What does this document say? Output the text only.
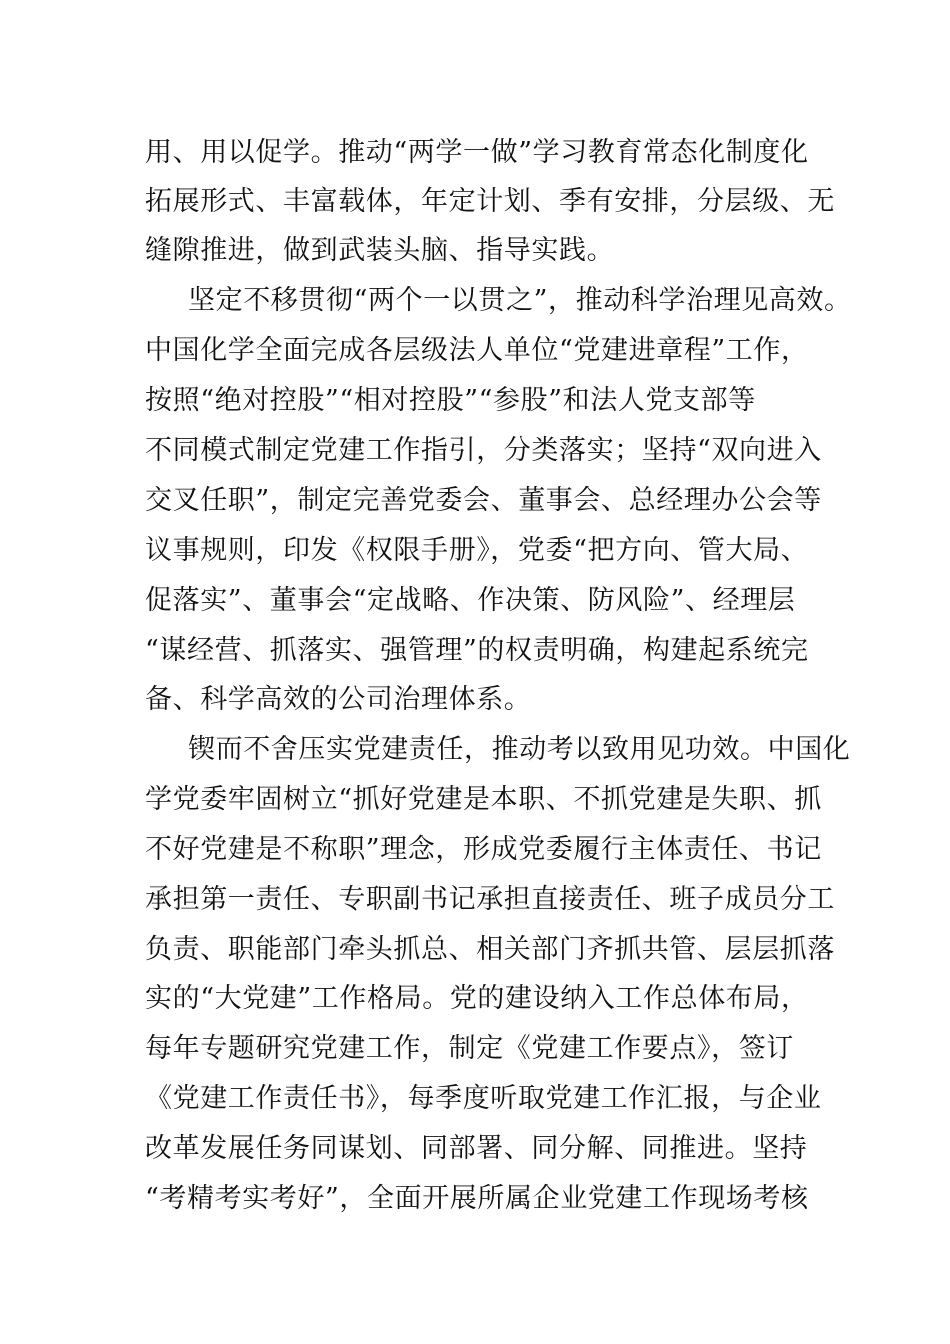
用、用以促学。推动“两学一做”学习教育常态化制度化
拓展形式、丰富载体，年定计划、季有安排，分层级、无
缝隙推进，做到武装头脑、指导实践。
坚定不移贯彻“两个一以贯之”，推动科学治理见高效。
中国化学全面完成各层级法人单位“党建进章程”工作，
按照“绝对控股”“相对控股”“参股”和法人党支部等
不同模式制定党建工作指引，分类落实；坚持“双向进入
交叉任职”，制定完善党委会、董事会、总经理办公会等
议事规则，印发《权限手册》，党委“把方向、管大局、
促落实”、董事会“定战略、作决策、防风险”、经理层
“谋经营、抓落实、强管理”的权责明确，构建起系统完
备、科学高效的公司治理体系。
锲而不舍压实党建责任，推动考以致用见功效。中国化
学党委牢固树立“抓好党建是本职、不抓党建是失职、抓
不好党建是不称职”理念，形成党委履行主体责任、书记
承担第一责任、专职副书记承担直接责任、班子成员分工
负责、职能部门牵头抓总、相关部门齐抓共管、层层抓落
实的“大党建”工作格局。党的建设纳入工作总体布局，
每年专题研究党建工作，制定《党建工作要点》，签订
《党建工作责任书》，每季度听取党建工作汇报，与企业
改革发展任务同谋划、同部署、同分解、同推进。坚持
“考精考实考好”，全面开展所属企业党建工作现场考核
